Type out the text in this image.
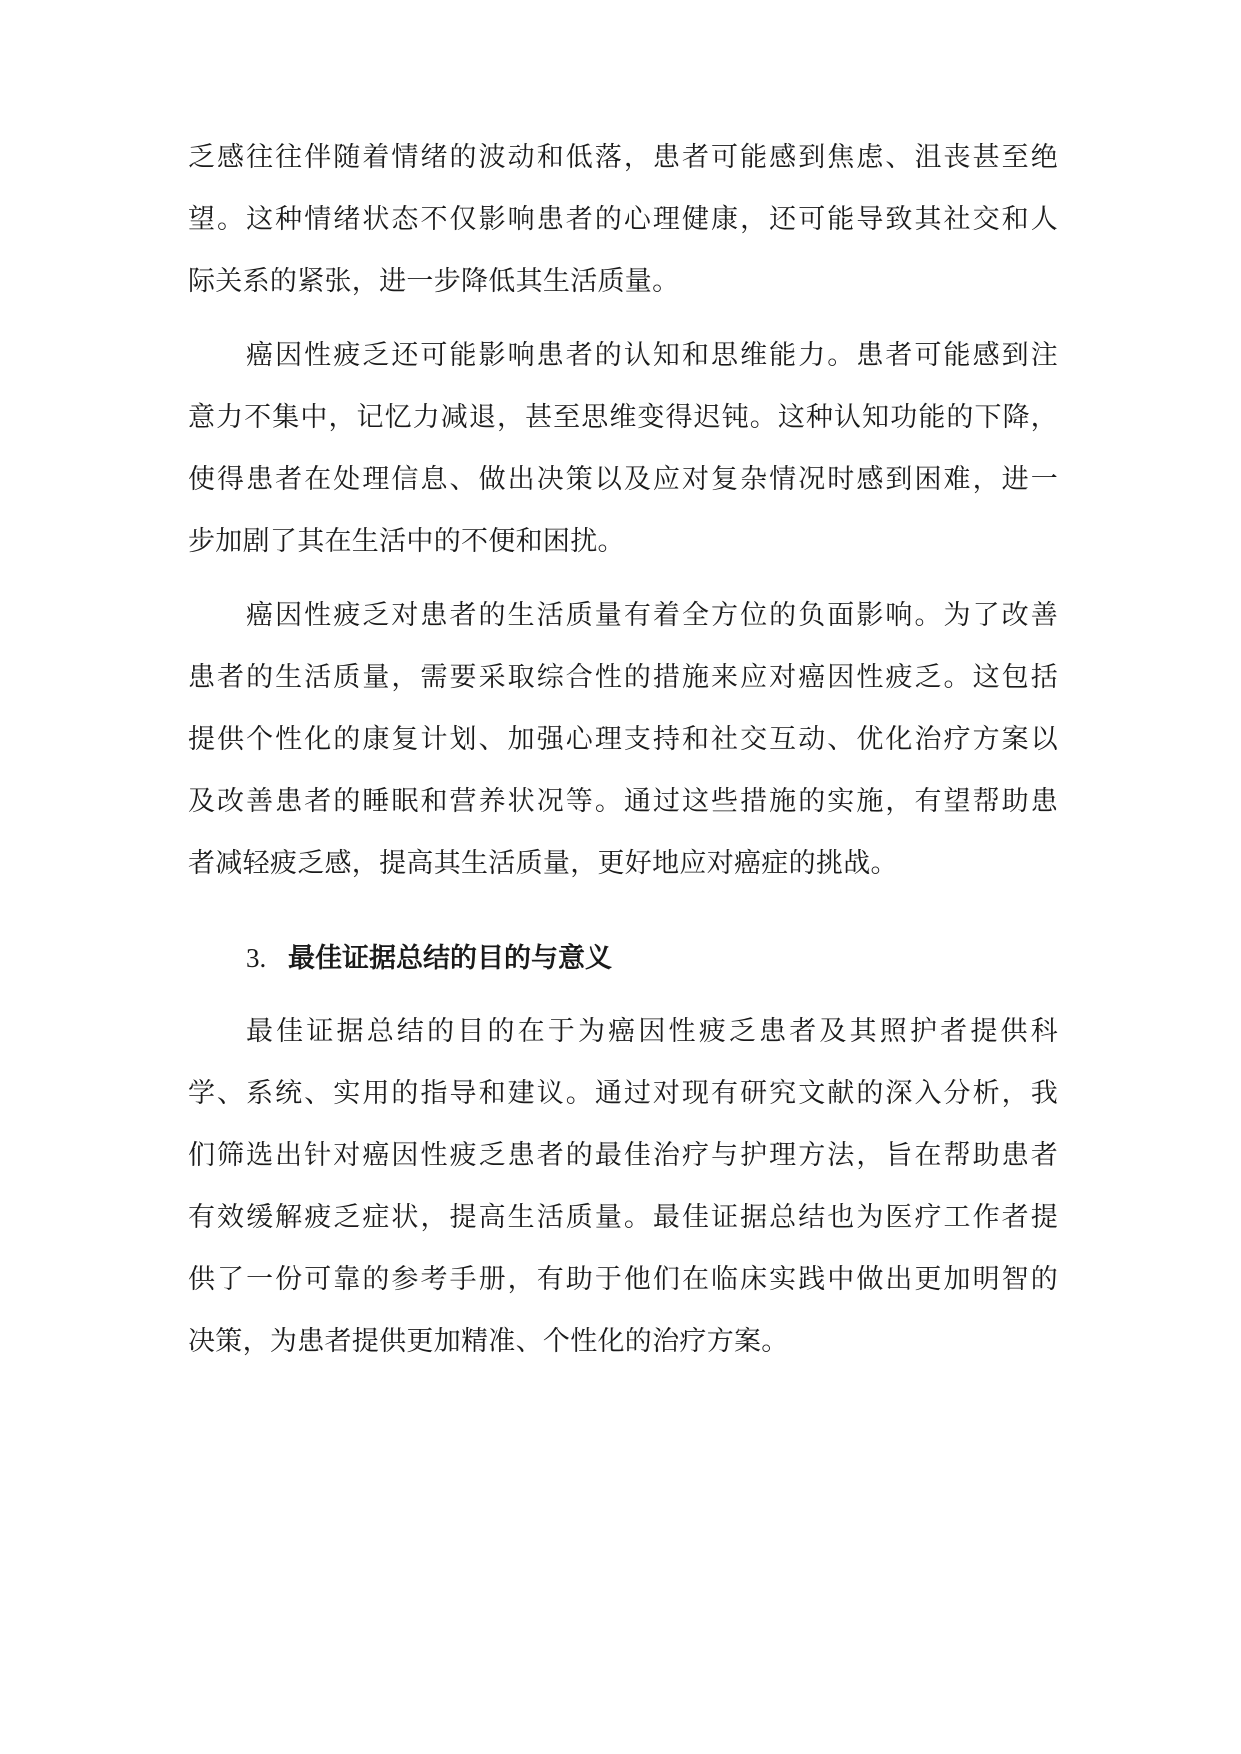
乏感往往伴随着情绪的波动和低落，患者可能感到焦虑、沮丧甚至绝
望。这种情绪状态不仅影响患者的心理健康，还可能导致其社交和人
际关系的紧张，进一步降低其生活质量。
癌因性疲乏还可能影响患者的认知和思维能力。患者可能感到注
意力不集中，记忆力减退，甚至思维变得迟钝。这种认知功能的下降，
使得患者在处理信息、做出决策以及应对复杂情况时感到困难，进一
步加剧了其在生活中的不便和困扰。
癌因性疲乏对患者的生活质量有着全方位的负面影响。为了改善
患者的生活质量，需要采取综合性的措施来应对癌因性疲乏。这包括
提供个性化的康复计划、加强心理支持和社交互动、优化治疗方案以
及改善患者的睡眠和营养状况等。通过这些措施的实施，有望帮助患
者减轻疲乏感，提高其生活质量，更好地应对癌症的挑战。
3. 最佳证据总结的目的与意义
最佳证据总结的目的在于为癌因性疲乏患者及其照护者提供科
学、系统、实用的指导和建议。通过对现有研究文献的深入分析，我
们筛选出针对癌因性疲乏患者的最佳治疗与护理方法，旨在帮助患者
有效缓解疲乏症状，提高生活质量。最佳证据总结也为医疗工作者提
供了一份可靠的参考手册，有助于他们在临床实践中做出更加明智的
决策，为患者提供更加精准、个性化的治疗方案。
